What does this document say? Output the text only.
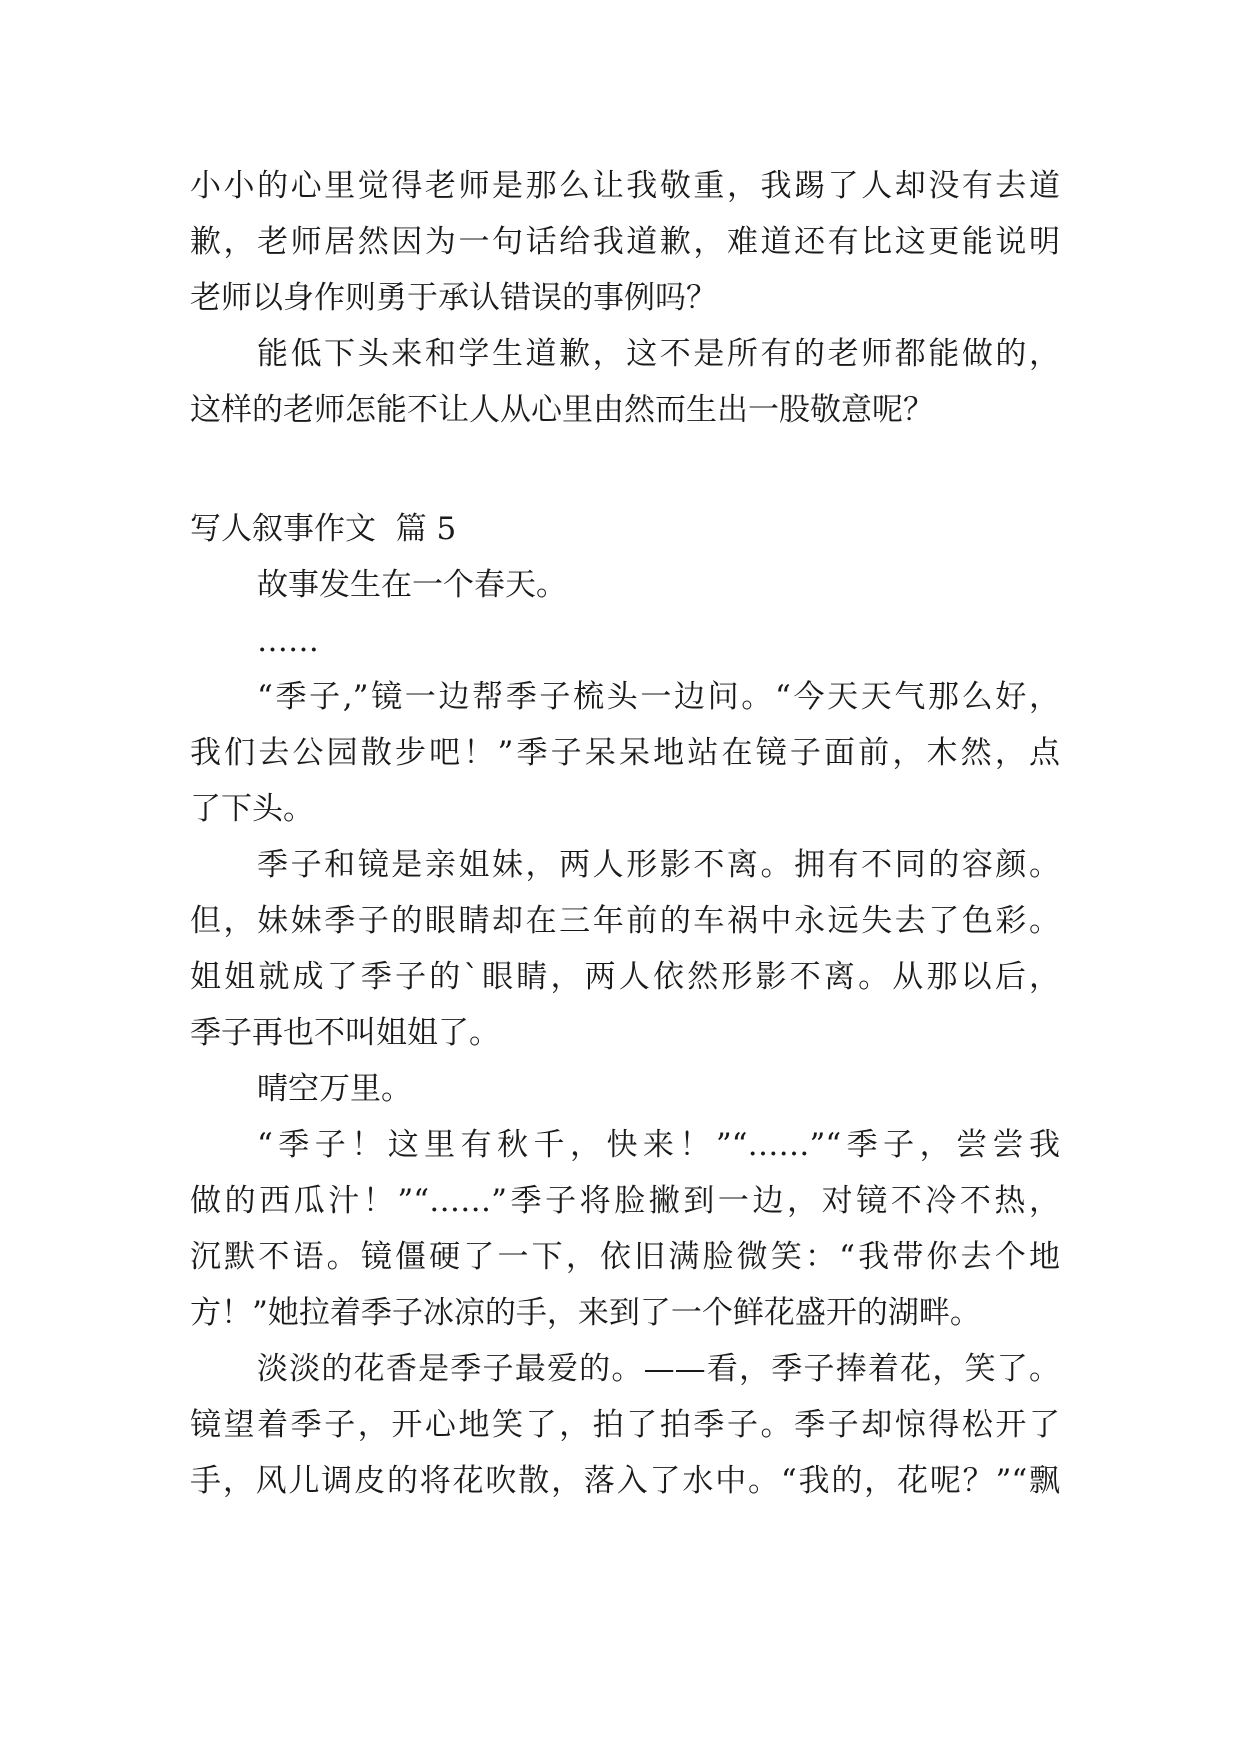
小小的心里觉得老师是那么让我敬重，我踢了人却没有去道
歉，老师居然因为一句话给我道歉，难道还有比这更能说明
老师以身作则勇于承认错误的事例吗？
能低下头来和学生道歉，这不是所有的老师都能做的，
这样的老师怎能不让人从心里由然而生出一股敬意呢？
写人叙事作文  篇 5
故事发生在一个春天。
……
“季子,”镜一边帮季子梳头一边问。“今天天气那么好，
我们去公园散步吧！”季子呆呆地站在镜子面前，木然，点
了下头。
季子和镜是亲姐妹，两人形影不离。拥有不同的容颜。
但，妹妹季子的眼睛却在三年前的车祸中永远失去了色彩。
姐姐就成了季子的`眼睛，两人依然形影不离。从那以后，
季子再也不叫姐姐了。
晴空万里。
“季子！这里有秋千，快来！”“……”“季子，尝尝我
做的西瓜汁！”“……”季子将脸撇到一边，对镜不冷不热，
沉默不语。镜僵硬了一下，依旧满脸微笑：“我带你去个地
方！”她拉着季子冰凉的手，来到了一个鲜花盛开的湖畔。
淡淡的花香是季子最爱的。——看，季子捧着花，笑了。
镜望着季子，开心地笑了，拍了拍季子。季子却惊得松开了
手，风儿调皮的将花吹散，落入了水中。“我的，花呢？”“飘
